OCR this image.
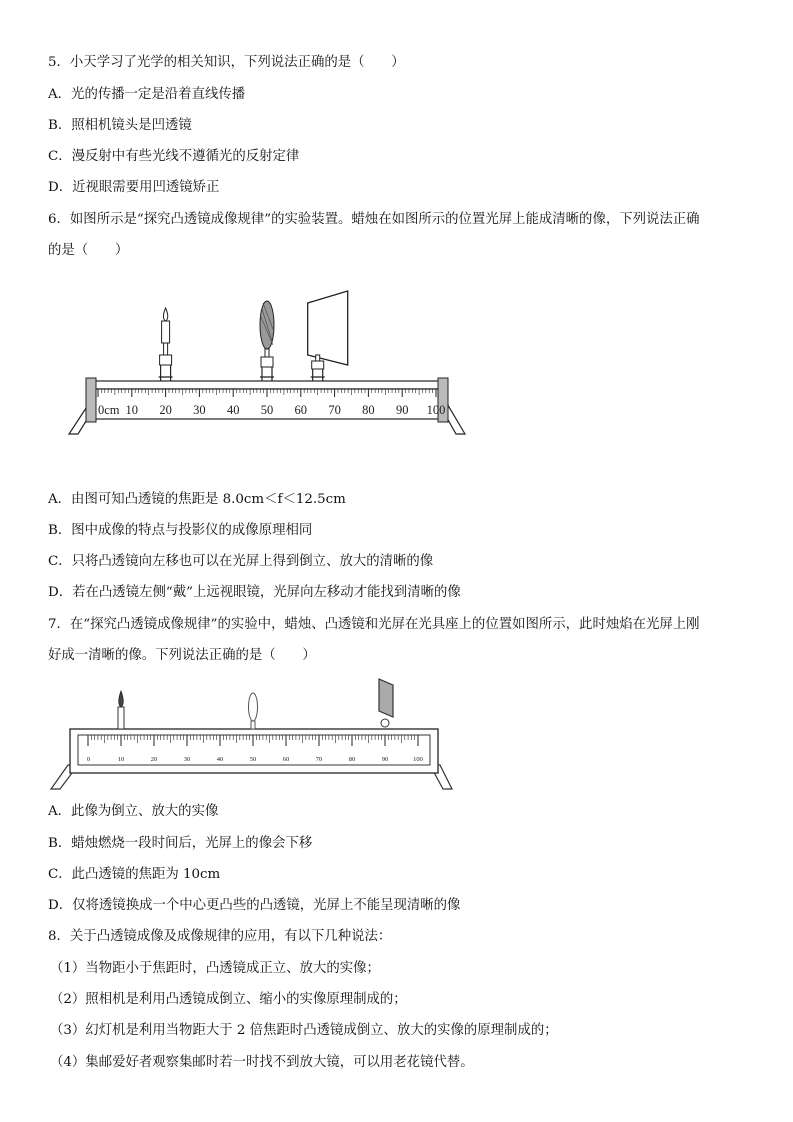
5．小天学习了光学的相关知识，下列说法正确的是（　　）
A．光的传播一定是沿着直线传播
B．照相机镜头是凹透镜
C．漫反射中有些光线不遵循光的反射定律
D．近视眼需要用凹透镜矫正
6．如图所示是“探究凸透镜成像规律”的实验装置。蜡烛在如图所示的位置光屏上能成清晰的像，下列说法正确
的是（　　）
0cm 10 20 30 40 50 60 70 80 90 100
A．由图可知凸透镜的焦距是 8.0cm＜f＜12.5cm
B．图中成像的特点与投影仪的成像原理相同
C．只将凸透镜向左移也可以在光屏上得到倒立、放大的清晰的像
D．若在凸透镜左侧“戴”上远视眼镜，光屏向左移动才能找到清晰的像
7．在“探究凸透镜成像规律”的实验中，蜡烛、凸透镜和光屏在光具座上的位置如图所示，此时烛焰在光屏上刚
好成一清晰的像。下列说法正确的是（　　）
0	10	20	30	40	50	60	70	80	90	100
A．此像为倒立、放大的实像
B．蜡烛燃烧一段时间后，光屏上的像会下移
C．此凸透镜的焦距为 10cm
D．仅将透镜换成一个中心更凸些的凸透镜，光屏上不能呈现清晰的像
8．关于凸透镜成像及成像规律的应用，有以下几种说法：
（1）当物距小于焦距时，凸透镜成正立、放大的实像；
（2）照相机是利用凸透镜成倒立、缩小的实像原理制成的；
（3）幻灯机是利用当物距大于 2 倍焦距时凸透镜成倒立、放大的实像的原理制成的；
（4）集邮爱好者观察集邮时若一时找不到放大镜，可以用老花镜代替。
